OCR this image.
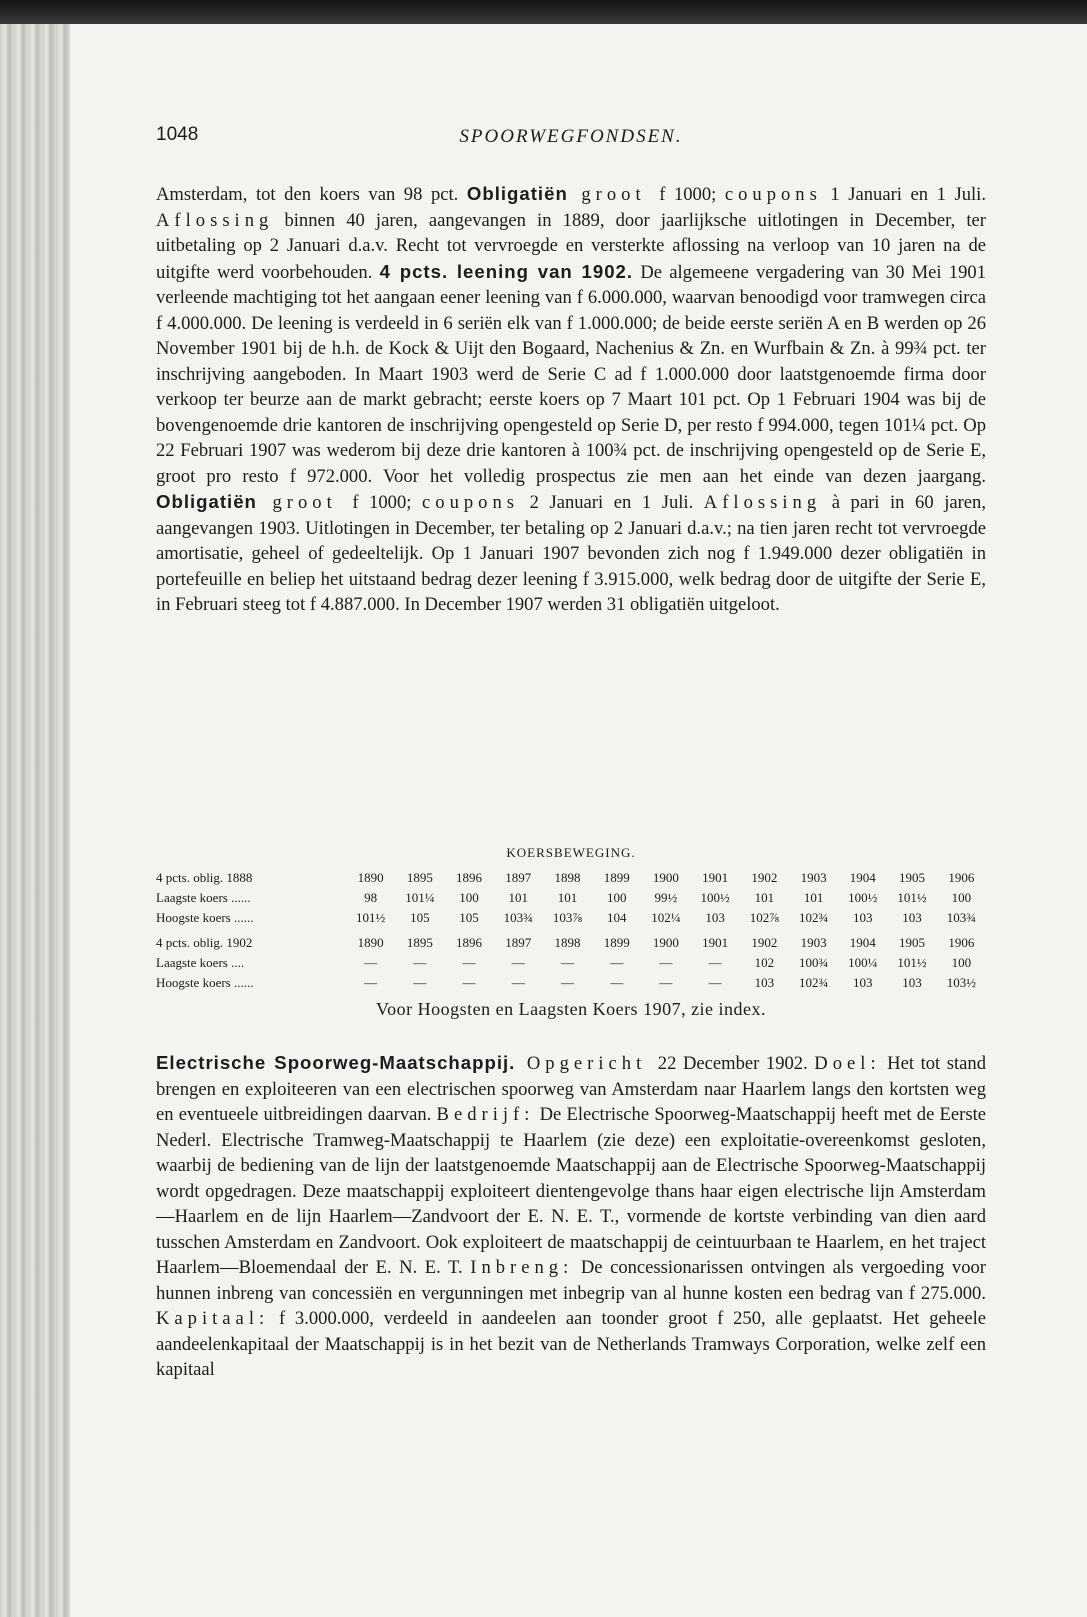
1048	SPOORWEGFONDSEN.

Amsterdam, tot den koers van 98 pct. Obligatiën groot f 1000; coupons 1 Januari en 1 Juli. Aflossing binnen 40 jaren, aangevangen in 1889, door jaarlijksche uitlotingen in December, ter uitbetaling op 2 Januari d.a.v. Recht tot vervroegde en versterkte aflossing na verloop van 10 jaren na de uitgifte werd voorbehouden. 4 pcts. leening van 1902. De algemeene vergadering van 30 Mei 1901 verleende machtiging tot het aangaan eener leening van f 6.000.000, waarvan benoodigd voor tramwegen circa f 4.000.000. De leening is verdeeld in 6 seriën elk van f 1.000.000; de beide eerste seriën A en B werden op 26 November 1901 bij de h.h. de Kock & Uijt den Bogaard, Nachenius & Zn. en Wurfbain & Zn. à 99¾ pct. ter inschrijving aangeboden. In Maart 1903 werd de Serie C ad f 1.000.000 door laatstgenoemde firma door verkoop ter beurze aan de markt gebracht; eerste koers op 7 Maart 101 pct. Op 1 Februari 1904 was bij de bovengenoemde drie kantoren de inschrijving opengesteld op Serie D, per resto f 994.000, tegen 101¼ pct. Op 22 Februari 1907 was wederom bij deze drie kantoren à 100¾ pct. de inschrijving opengesteld op de Serie E, groot pro resto f 972.000. Voor het volledig prospectus zie men aan het einde van dezen jaargang. Obligatiën groot f 1000; coupons 2 Januari en 1 Juli. Aflossing à pari in 60 jaren, aangevangen 1903. Uitlotingen in December, ter betaling op 2 Januari d.a.v.; na tien jaren recht tot vervroegde amortisatie, geheel of gedeeltelijk. Op 1 Januari 1907 bevonden zich nog f 1.949.000 dezer obligatiën in portefeuille en beliep het uitstaand bedrag dezer leening f 3.915.000, welk bedrag door de uitgifte der Serie E, in Februari steeg tot f 4.887.000. In December 1907 werden 31 obligatiën uitgeloot.

KOERSBEWEGING.

4 pcts. oblig. 1888	1890	1895	1896	1897	1898	1899	1900	1901	1902	1903	1904	1905	1906
Laagste koers ......	98	101¼	100	101	101	100	99½	100½	101	101	100½	101½	100
Hoogste koers ......	101½	105	105	103¾	103⅞	104	102¼	103	102⅞	102¾	103	103	103¾
4 pcts. oblig. 1902	1890	1895	1896	1897	1898	1899	1900	1901	1902	1903	1904	1905	1906
Laagste koers ....	—	—	—	—	—	—	—	—	102	100¾	100¼	101½	100
Hoogste koers ......	—	—	—	—	—	—	—	—	103	102¾	103	103	103½

Voor Hoogsten en Laagsten Koers 1907, zie index.

Electrische Spoorweg-Maatschappij. Opgericht 22 December 1902. Doel: Het tot stand brengen en exploiteeren van een electrischen spoorweg van Amsterdam naar Haarlem langs den kortsten weg en eventueele uitbreidingen daarvan. Bedrijf: De Electrische Spoorweg-Maatschappij heeft met de Eerste Nederl. Electrische Tramweg-Maatschappij te Haarlem (zie deze) een exploitatie-overeenkomst gesloten, waarbij de bediening van de lijn der laatstgenoemde Maatschappij aan de Electrische Spoorweg-Maatschappij wordt opgedragen. Deze maatschappij exploiteert dientengevolge thans haar eigen electrische lijn Amsterdam—Haarlem en de lijn Haarlem—Zandvoort der E. N. E. T., vormende de kortste verbinding van dien aard tusschen Amsterdam en Zandvoort. Ook exploiteert de maatschappij de ceintuurbaan te Haarlem, en het traject Haarlem—Bloemendaal der E. N. E. T. Inbreng: De concessionarissen ontvingen als vergoeding voor hunnen inbreng van concessiën en vergunningen met inbegrip van al hunne kosten een bedrag van f 275.000. Kapitaal: f 3.000.000, verdeeld in aandeelen aan toonder groot f 250, alle geplaatst. Het geheele aandeelenkapitaal der Maatschappij is in het bezit van de Netherlands Tramways Corporation, welke zelf een kapitaal
